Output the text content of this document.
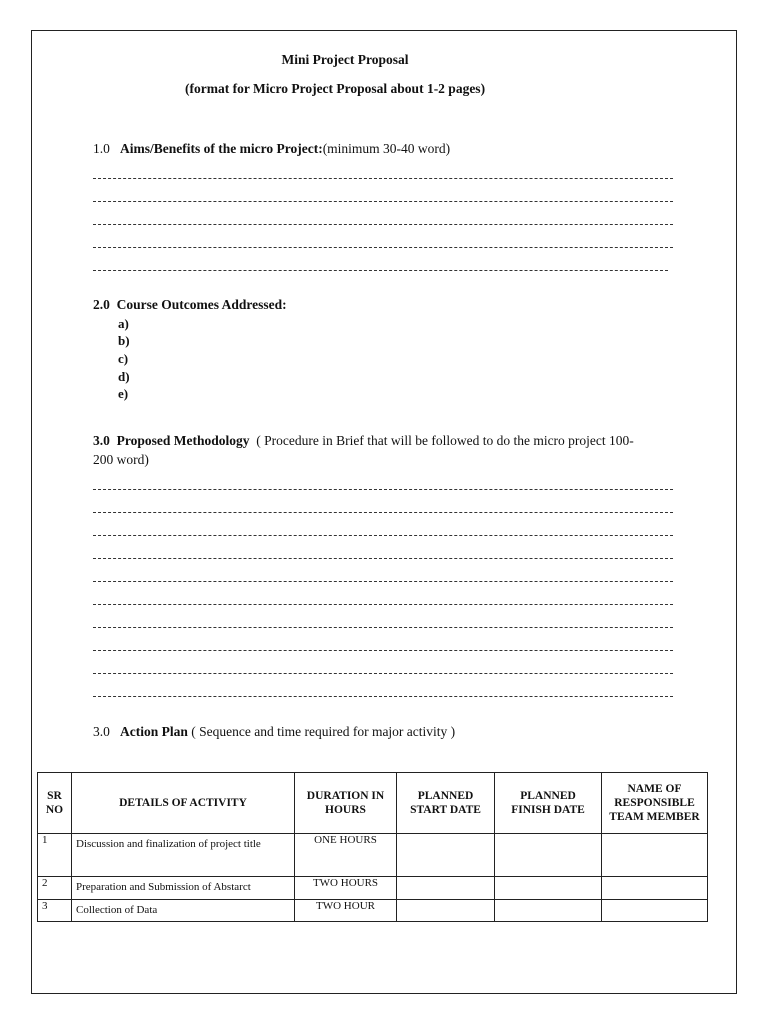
Mini Project Proposal
(format for Micro Project Proposal about 1-2 pages)
1.0 Aims/Benefits of the micro Project:(minimum 30-40 word)
2.0 Course Outcomes Addressed:
a)
b)
c)
d)
e)
3.0 Proposed Methodology ( Procedure in Brief that will be followed to do the micro project 100-
200 word)
3.0 Action Plan ( Sequence and time required for major activity )
SR NO	DETAILS OF ACTIVITY	DURATION IN HOURS	PLANNED START DATE	PLANNED FINISH DATE	NAME OF RESPONSIBLE TEAM MEMBER
1	Discussion and finalization of project title	ONE HOURS			
2	Preparation and Submission of Abstarct	TWO HOURS			
3	Collection of Data	TWO HOUR			
